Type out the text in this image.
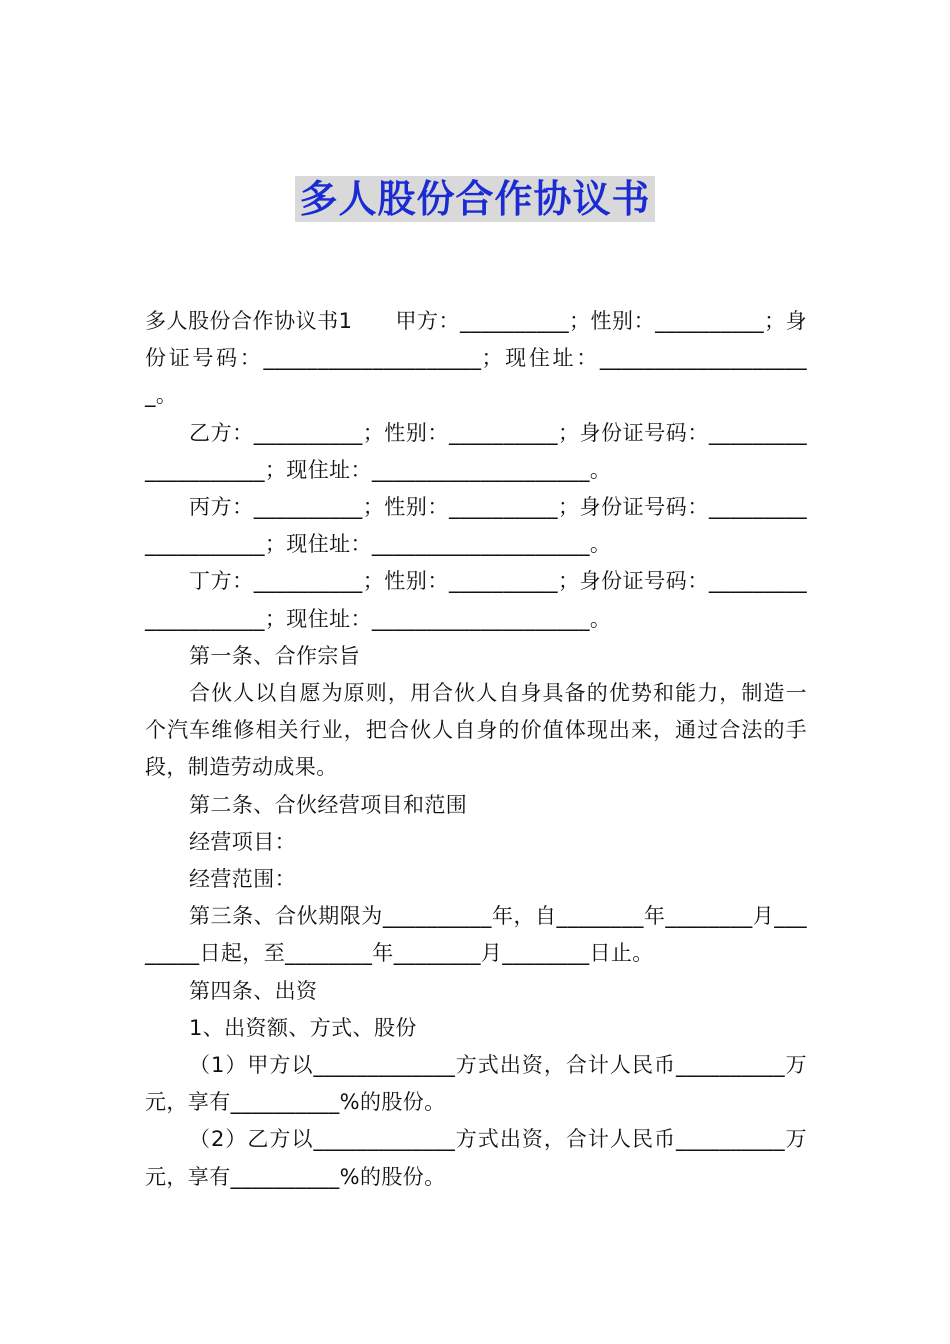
多人股份合作协议书

多人股份合作协议书1　　甲方：__________；性别：__________；身份证号码：____________________；现住址：____________________。

乙方：__________；性别：__________；身份证号码：____________________；现住址：____________________。

丙方：__________；性别：__________；身份证号码：____________________；现住址：____________________。

丁方：__________；性别：__________；身份证号码：____________________；现住址：____________________。

第一条、合作宗旨

合伙人以自愿为原则，用合伙人自身具备的优势和能力，制造一个汽车维修相关行业，把合伙人自身的价值体现出来，通过合法的手段，制造劳动成果。

第二条、合伙经营项目和范围

经营项目：

经营范围：

第三条、合伙期限为__________年，自________年________月________日起，至________年________月________日止。

第四条、出资

1、出资额、方式、股份

（1）甲方以_____________方式出资，合计人民币__________万元，享有__________%的股份。

（2）乙方以_____________方式出资，合计人民币__________万元，享有__________%的股份。
